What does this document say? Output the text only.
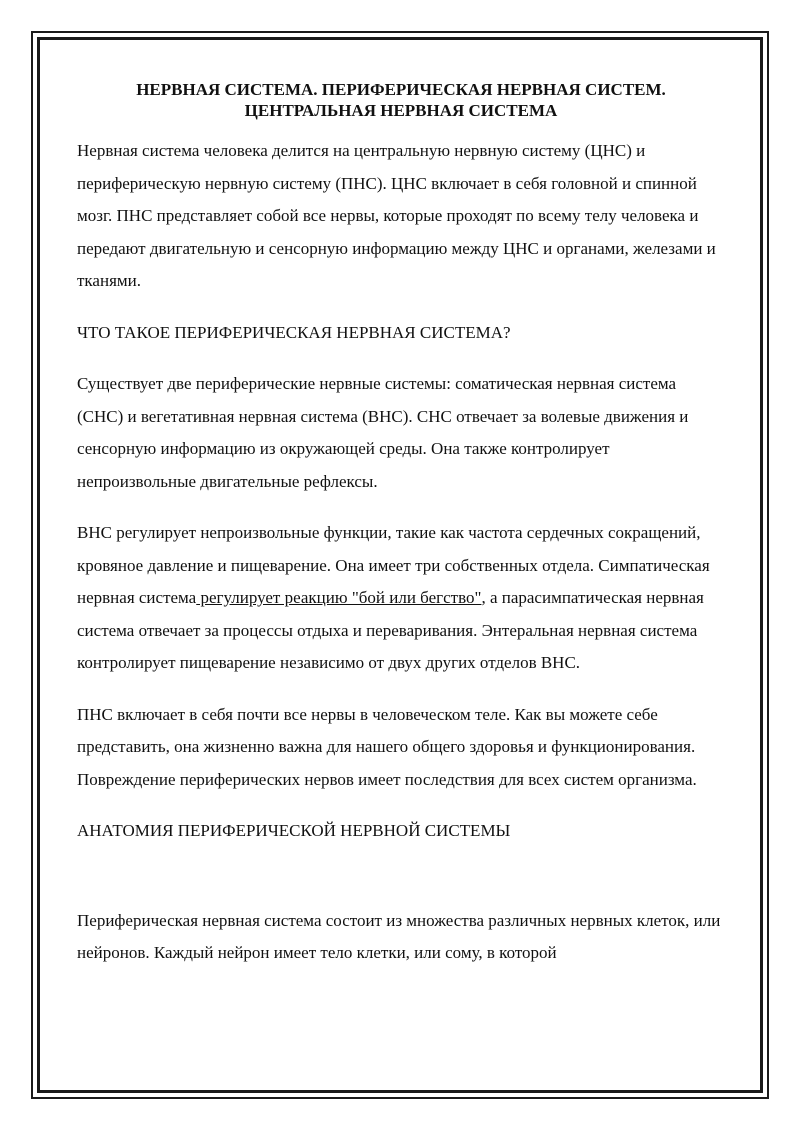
НЕРВНАЯ СИСТЕМА. ПЕРИФЕРИЧЕСКАЯ НЕРВНАЯ СИСТЕМ.
ЦЕНТРАЛЬНАЯ НЕРВНАЯ СИСТЕМА

Нервная система человека делится на центральную нервную систему (ЦНС) и периферическую нервную систему (ПНС). ЦНС включает в себя головной и спинной мозг. ПНС представляет собой все нервы, которые проходят по всему телу человека и передают двигательную и сенсорную информацию между ЦНС и органами, железами и тканями.

ЧТО ТАКОЕ ПЕРИФЕРИЧЕСКАЯ НЕРВНАЯ СИСТЕМА?

Существует две периферические нервные системы: соматическая нервная система (СНС) и вегетативная нервная система (ВНС). СНС отвечает за волевые движения и сенсорную информацию из окружающей среды. Она также контролирует непроизвольные двигательные рефлексы.

ВНС регулирует непроизвольные функции, такие как частота сердечных сокращений, кровяное давление и пищеварение. Она имеет три собственных отдела. Симпатическая нервная система регулирует реакцию "бой или бегство", а парасимпатическая нервная система отвечает за процессы отдыха и переваривания. Энтеральная нервная система контролирует пищеварение независимо от двух других отделов ВНС.

ПНС включает в себя почти все нервы в человеческом теле. Как вы можете себе представить, она жизненно важна для нашего общего здоровья и функционирования. Повреждение периферических нервов имеет последствия для всех систем организма.

АНАТОМИЯ ПЕРИФЕРИЧЕСКОЙ НЕРВНОЙ СИСТЕМЫ

Периферическая нервная система состоит из множества различных нервных клеток, или нейронов. Каждый нейрон имеет тело клетки, или сому, в которой
